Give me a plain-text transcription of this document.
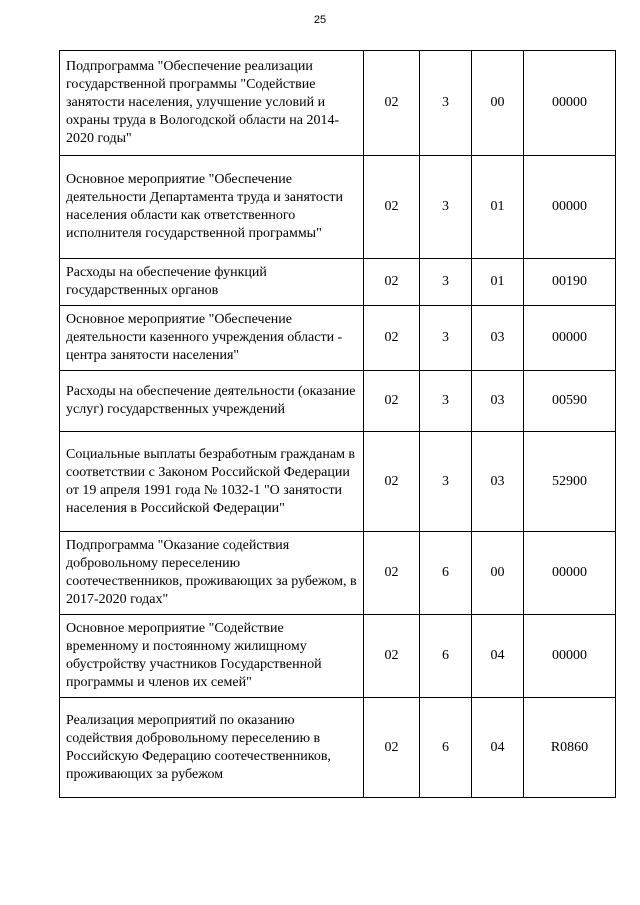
25
Подпрограмма "Обеспечение реализации государственной программы "Содействие занятости населения, улучшение условий и охраны труда в Вологодской области на 2014-2020 годы"	02	3	00	00000
Основное мероприятие "Обеспечение деятельности Департамента труда и занятости населения области как ответственного исполнителя государственной программы"	02	3	01	00000
Расходы на обеспечение функций государственных органов	02	3	01	00190
Основное мероприятие "Обеспечение деятельности казенного учреждения области - центра занятости населения"	02	3	03	00000
Расходы на обеспечение деятельности (оказание услуг) государственных учреждений	02	3	03	00590
Социальные выплаты безработным гражданам в соответствии с Законом Российской Федерации от 19 апреля 1991 года № 1032-1 "О занятости населения в Российской Федерации"	02	3	03	52900
Подпрограмма "Оказание содействия добровольному переселению соотечественников, проживающих за рубежом, в 2017-2020 годах"	02	6	00	00000
Основное мероприятие "Содействие временному и постоянному жилищному обустройству участников Государственной программы и членов их семей"	02	6	04	00000
Реализация мероприятий по оказанию содействия добровольному переселению в Российскую Федерацию соотечественников, проживающих за рубежом	02	6	04	R0860
